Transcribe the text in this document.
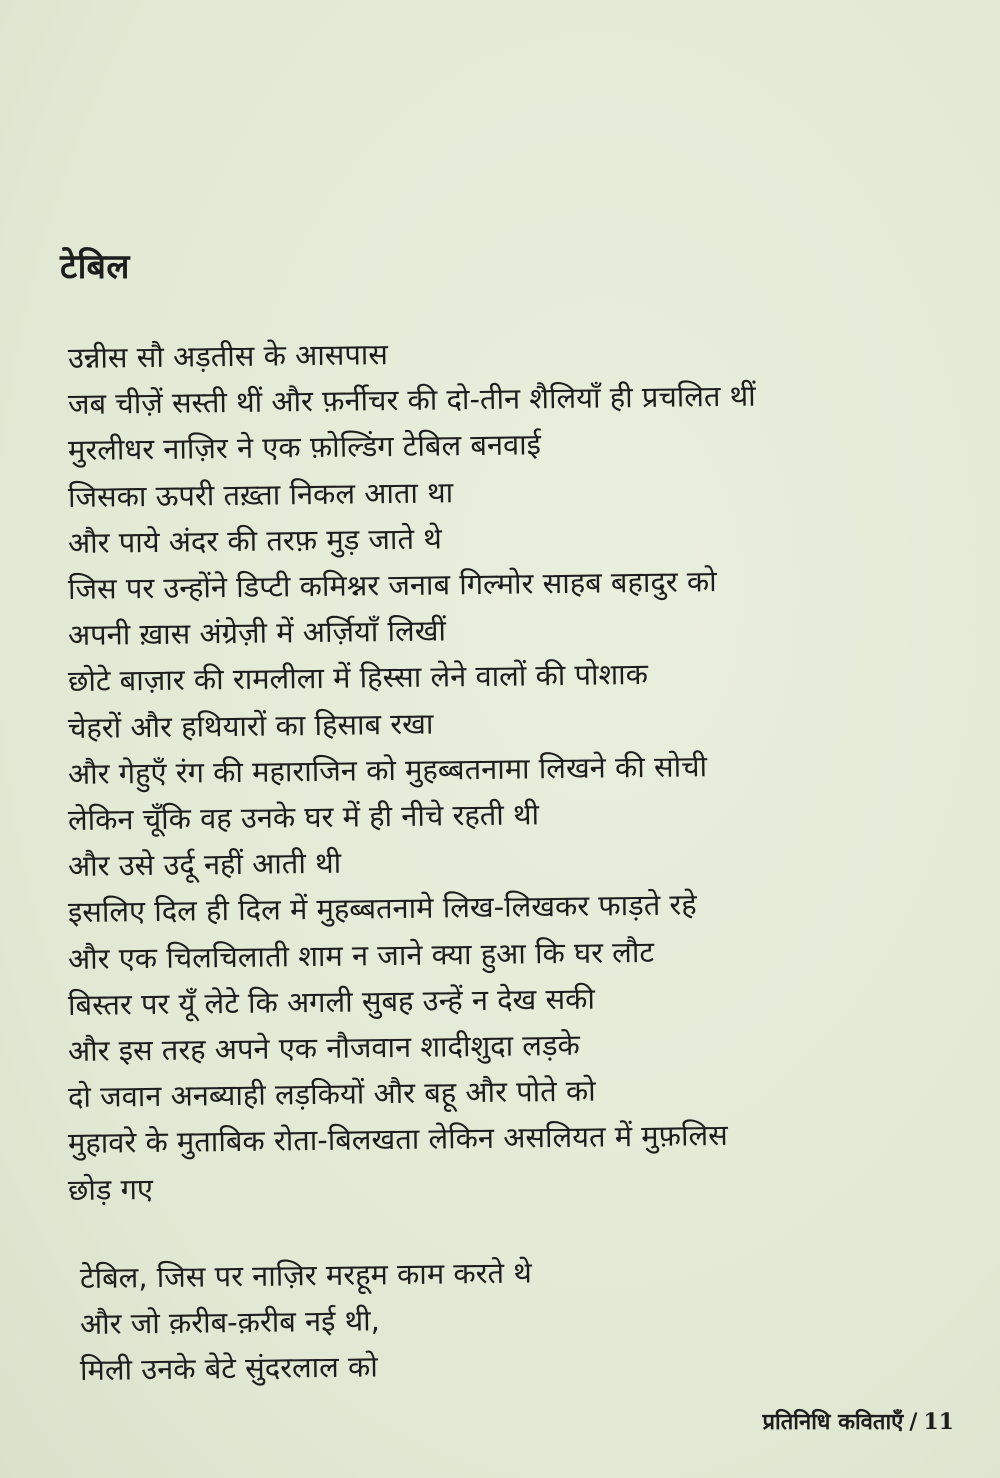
टेबिल
उन्नीस सौ अड़तीस के आसपास
जब चीज़ें सस्ती थीं और फ़र्नीचर की दो-तीन शैलियाँ ही प्रचलित थीं
मुरलीधर नाज़िर ने एक फ़ोल्डिंग टेबिल बनवाई
जिसका ऊपरी तख़्ता निकल आता था
और पाये अंदर की तरफ़ मुड़ जाते थे
जिस पर उन्होंने डिप्टी कमिश्नर जनाब गिल्मोर साहब बहादुर को
अपनी ख़ास अंग्रेज़ी में अर्ज़ियाँ लिखीं
छोटे बाज़ार की रामलीला में हिस्सा लेने वालों की पोशाक
चेहरों और हथियारों का हिसाब रखा
और गेहुएँ रंग की महाराजिन को मुहब्बतनामा लिखने की सोची
लेकिन चूँकि वह उनके घर में ही नीचे रहती थी
और उसे उर्दू नहीं आती थी
इसलिए दिल ही दिल में मुहब्बतनामे लिख-लिखकर फाड़ते रहे
और एक चिलचिलाती शाम न जाने क्या हुआ कि घर लौट
बिस्तर पर यूँ लेटे कि अगली सुबह उन्हें न देख सकी
और इस तरह अपने एक नौजवान शादीशुदा लड़के
दो जवान अनब्याही लड़कियों और बहू और पोते को
मुहावरे के मुताबिक रोता-बिलखता लेकिन असलियत में मुफ़लिस
छोड़ गए
टेबिल, जिस पर नाज़िर मरहूम काम करते थे
और जो क़रीब-क़रीब नई थी,
मिली उनके बेटे सुंदरलाल को
प्रतिनिधि कविताएँ / 11
